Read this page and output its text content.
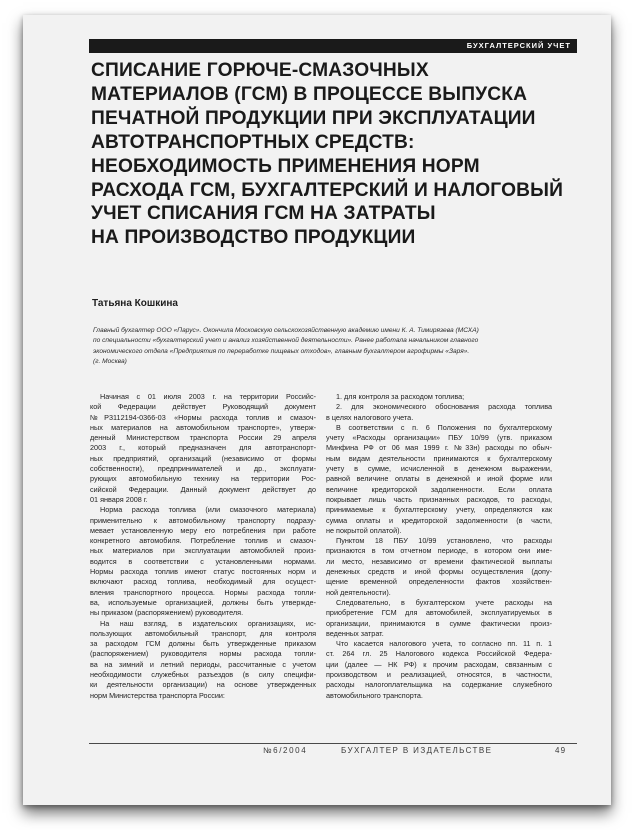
БУХГАЛТЕРСКИЙ УЧЕТ
СПИСАНИЕ ГОРЮЧЕ-СМАЗОЧНЫХ
МАТЕРИАЛОВ (ГСМ) В ПРОЦЕССЕ ВЫПУСКА
ПЕЧАТНОЙ ПРОДУКЦИИ ПРИ ЭКСПЛУАТАЦИИ
АВТОТРАНСПОРТНЫХ СРЕДСТВ:
НЕОБХОДИМОСТЬ ПРИМЕНЕНИЯ НОРМ
РАСХОДА ГСМ, БУХГАЛТЕРСКИЙ И НАЛОГОВЫЙ
УЧЕТ СПИСАНИЯ ГСМ НА ЗАТРАТЫ
НА ПРОИЗВОДСТВО ПРОДУКЦИИ
Татьяна Кошкина
Главный бухгалтер ООО «Парус». Окончила Московскую сельскохозяйственную академию имени К. А. Тимирязева (МСХА)
по специальности «бухгалтерский учет и анализ хозяйственной деятельности». Ранее работала начальником главного
экономического отдела «Предприятия по переработке пищевых отходов», главным бухгалтером агрофирмы «Заря».
(г. Москва)
Начиная с 01 июля 2003 г. на территории Российс-
кой Федерации действует Руководящий документ
№Р3112194-0366-03 «Нормы расхода топлив и смазоч-
ных материалов на автомобильном транспорте», утверж-
денный Министерством транспорта России 29 апреля
2003 г., который предназначен для автотранспорт-
ных предприятий, организаций (независимо от формы
собственности), предпринимателей и др., эксплуати-
рующих автомобильную технику на территории Рос-
сийской Федерации. Данный документ действует до
01 января 2008 г.
Норма расхода топлива (или смазочного материала)
применительно к автомобильному транспорту подразу-
мевает установленную меру его потребления при работе
конкретного автомобиля. Потребление топлив и смазоч-
ных материалов при эксплуатации автомобилей произ-
водится в соответствии с установленными нормами.
Нормы расхода топлив имеют статус постоянных норм и
включают расход топлива, необходимый для осущест-
вления транспортного процесса. Нормы расхода топли-
ва, используемые организацией, должны быть утвержде-
ны приказом (распоряжением) руководителя.
На наш взгляд, в издательских организациях, ис-
пользующих автомобильный транспорт, для контроля
за расходом ГСМ должны быть утвержденные приказом
(распоряжением) руководителя нормы расхода топли-
ва на зимний и летний периоды, рассчитанные с учетом
необходимости служебных разъездов (в силу специфи-
ки деятельности организации) на основе утвержденных
норм Министерства транспорта России:
1. для контроля за расходом топлива;
2. для экономического обоснования расхода топлива
в целях налогового учета.
В соответствии с п. 6 Положения по бухгалтерскому
учету «Расходы организации» ПБУ 10/99 (утв. приказом
Минфина РФ от 06 мая 1999 г. №33н) расходы по обыч-
ным видам деятельности принимаются к бухгалтерскому
учету в сумме, исчисленной в денежном выражении,
равной величине оплаты в денежной и иной форме или
величине кредиторской задолженности. Если оплата
покрывает лишь часть признанных расходов, то расходы,
принимаемые к бухгалтерскому учету, определяются как
сумма оплаты и кредиторской задолженности (в части,
не покрытой оплатой).
Пунктом 18 ПБУ 10/99 установлено, что расходы
признаются в том отчетном периоде, в котором они име-
ли место, независимо от времени фактической выплаты
денежных средств и иной формы осуществления (допу-
щение временной определенности фактов хозяйствен-
ной деятельности).
Следовательно, в бухгалтерском учете расходы на
приобретение ГСМ для автомобилей, эксплуатируемых в
организации, принимаются в сумме фактически произ-
веденных затрат.
Что касается налогового учета, то согласно пп. 11 п. 1
ст. 264 гл. 25 Налогового кодекса Российской Федера-
ции (далее — НК РФ) к прочим расходам, связанным с
производством и реализацией, относятся, в частности,
расходы налогоплательщика на содержание служебного
автомобильного транспорта.
№6/2004	БУХГАЛТЕР В ИЗДАТЕЛЬСТВЕ	49
